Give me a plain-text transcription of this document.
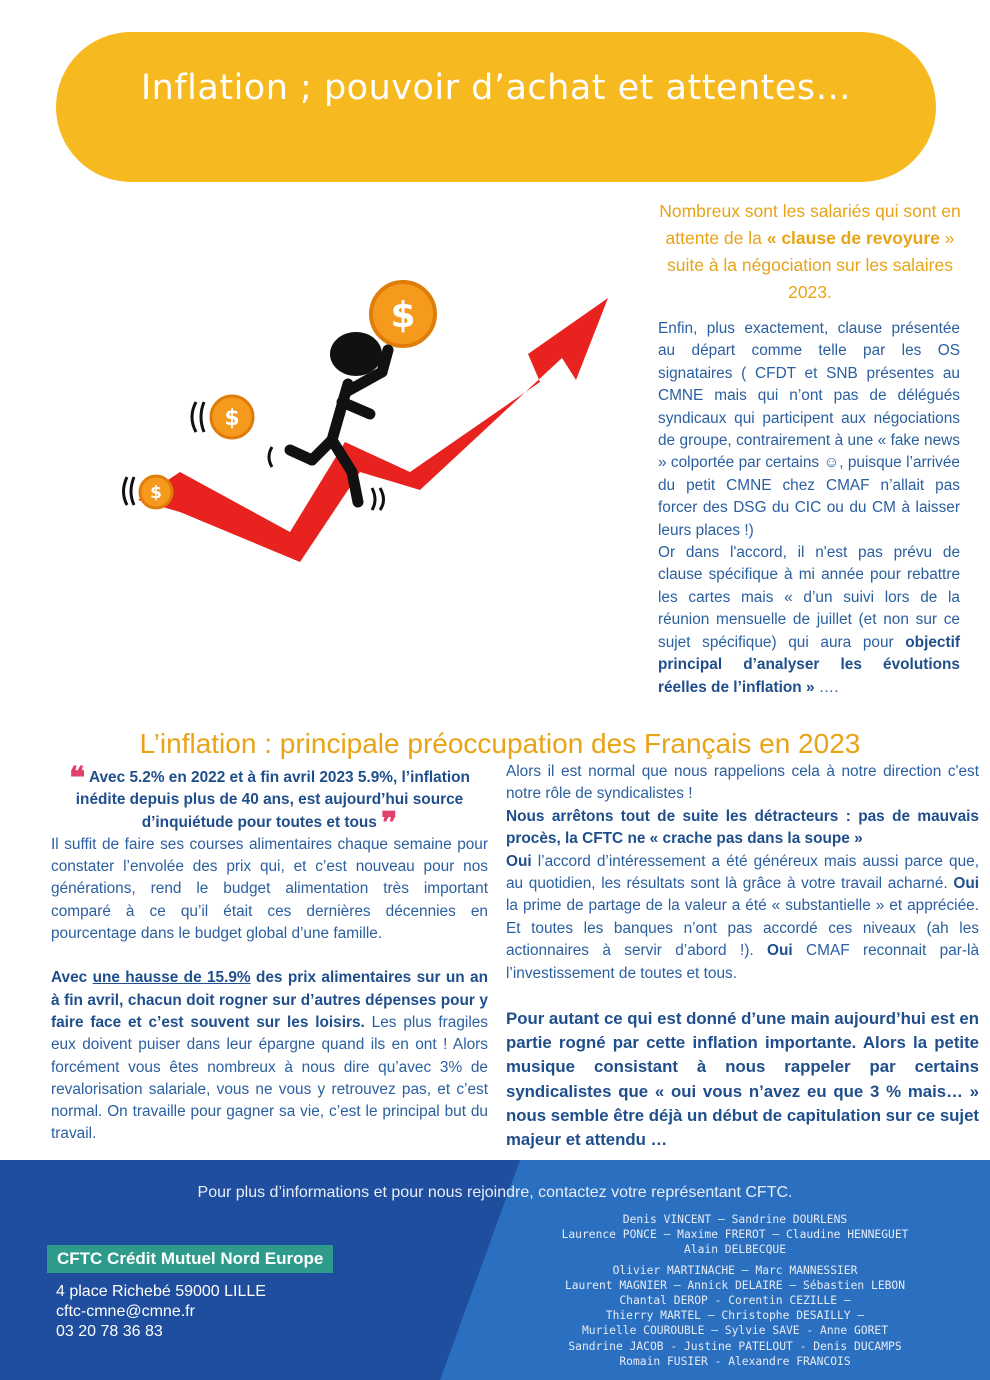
Inflation ; pouvoir d’achat et attentes…
Nombreux sont les salariés qui sont en attente de la « clause de revoyure » suite à la négociation sur les salaires 2023.

Enfin, plus exactement, clause présentée au départ comme telle par les OS signataires ( CFDT et SNB présentes au CMNE mais qui n’ont pas de délégués syndicaux qui participent aux négociations de groupe, contrairement à une « fake news » colportée par certains ☺, puisque l’arrivée du petit CMNE chez CMAF n’allait pas forcer des DSG du CIC ou du CM à laisser leurs places !)

Or dans l'accord, il n'est pas prévu de clause spécifique à mi année pour rebattre les cartes mais « d’un suivi lors de la réunion mensuelle de juillet (et non sur ce sujet spécifique) qui aura pour objectif principal d’analyser les évolutions réelles de l’inflation » ….

$
$
$
L’inflation : principale préoccupation des Français en 2023

❝ Avec 5.2% en 2022 et à fin avril 2023 5.9%, l’inflation inédite depuis plus de 40 ans, est aujourd’hui source d’inquiétude pour toutes et tous ❞

Il suffit de faire ses courses alimentaires chaque semaine pour constater l’envolée des prix qui, et c’est nouveau pour nos générations, rend le budget alimentation très important comparé à ce qu’il était ces dernières décennies en pourcentage dans le budget global d’une famille.

Avec une hausse de 15.9% des prix alimentaires sur un an à fin avril, chacun doit rogner sur d’autres dépenses pour y faire face et c’est souvent sur les loisirs. Les plus fragiles eux doivent puiser dans leur épargne quand ils en ont ! Alors forcément vous êtes nombreux à nous dire qu’avec 3% de revalorisation salariale, vous ne vous y retrouvez pas, et c’est normal. On travaille pour gagner sa vie, c’est le principal but du travail.

Alors il est normal que nous rappelions cela à notre direction c'est notre rôle de syndicalistes !

Nous arrêtons tout de suite les détracteurs : pas de mauvais procès, la CFTC ne « crache pas dans la soupe »

Oui l’accord d’intéressement a été généreux mais aussi parce que, au quotidien, les résultats sont là grâce à votre travail acharné. Oui la prime de partage de la valeur a été « substantielle » et appréciée. Et toutes les banques n’ont pas accordé ces niveaux (ah les actionnaires à servir d’abord !). Oui CMAF reconnait par-là l’investissement de toutes et tous.

Pour autant ce qui est donné d’une main aujourd’hui est en partie rogné par cette inflation importante. Alors la petite musique consistant à nous rappeler par certains syndicalistes que « oui vous n’avez eu que 3 % mais… » nous semble être déjà un début de capitulation sur ce sujet majeur et attendu …

Pour plus d’informations et pour nous rejoindre, contactez votre représentant CFTC.
CFTC Crédit Mutuel Nord Europe
4 place Richebé 59000 LILLE
cftc-cmne@cmne.fr
03 20 78 36 83
Denis VINCENT – Sandrine DOURLENS
Laurence PONCE – Maxime FREROT – Claudine HENNEGUET
Alain DELBECQUE
Olivier MARTINACHE – Marc MANNESSIER
Laurent MAGNIER – Annick DELAIRE – Sébastien LEBON
Chantal DEROP - Corentin CEZILLE –
Thierry MARTEL – Christophe DESAILLY –
Murielle COUROUBLE – Sylvie SAVE - Anne GORET
Sandrine JACOB - Justine PATELOUT - Denis DUCAMPS
Romain FUSIER - Alexandre FRANCOIS
